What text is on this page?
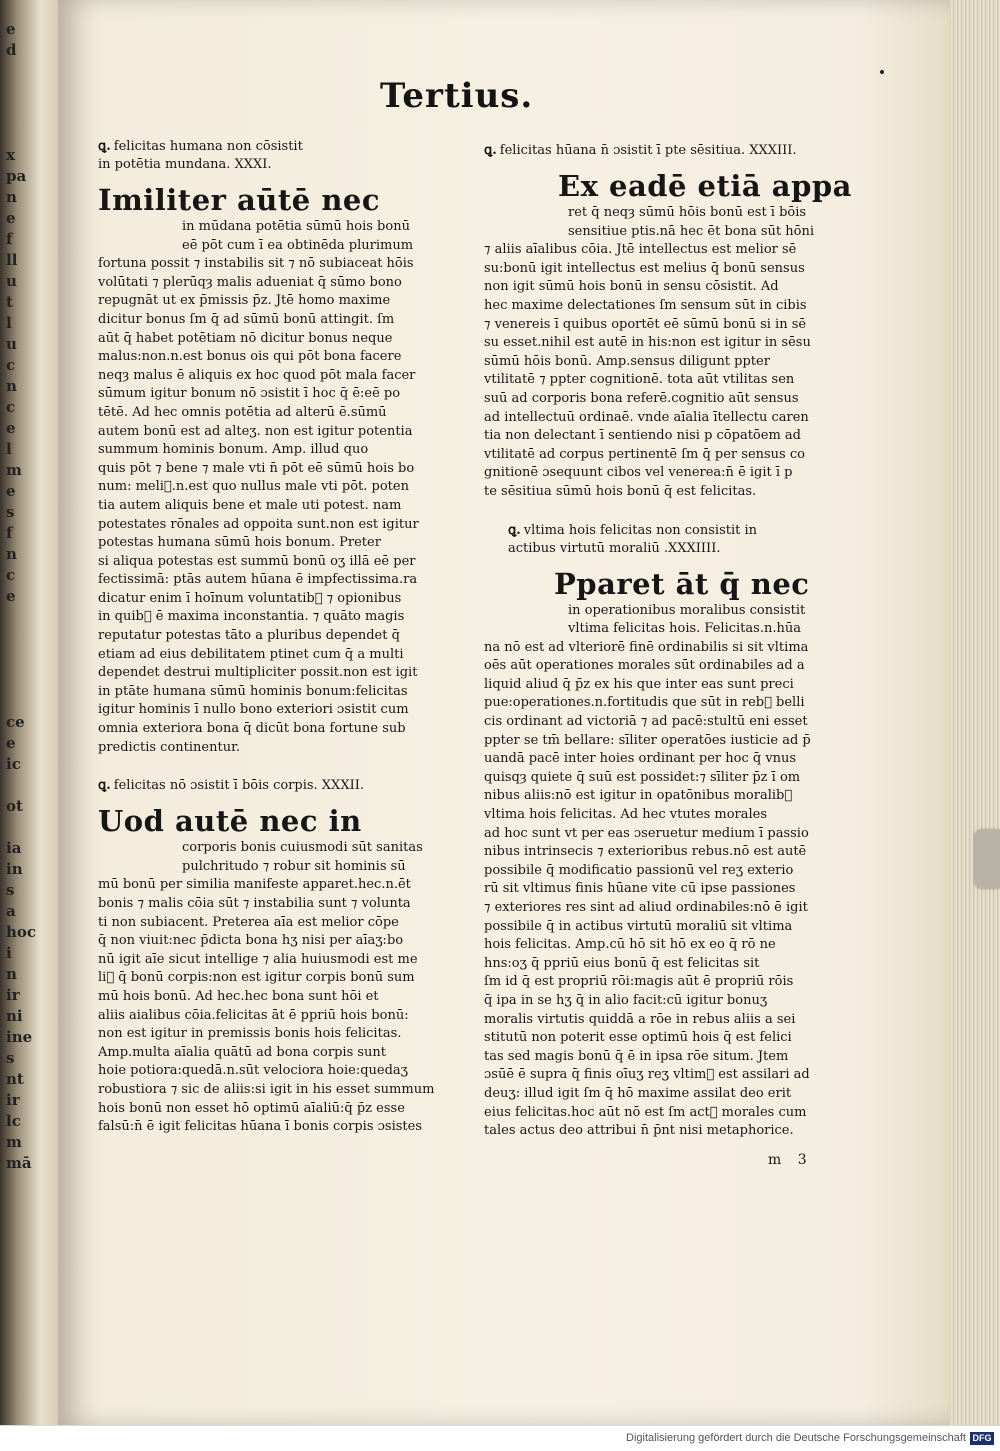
e
d
x
pa
n
e
f
ll
u
t
l
u
c
n
c
e
l
m
e
s
f
n
c
e
ce
e
ic
ot
ia
in
s
a
hoc
i
n
ir
ni
ine
s
nt
ir
lc
m
mā
Tertius.
ꝗ. felicitas humana non cōsistit
in potētia mundana. XXXI.
Imiliter aūtē nec
in mūdana potētia sūmū hois bonū
eē pōt cum ī ea obtinēda plurimum
fortuna possit ⁊ instabilis sit ⁊ nō subiaceat hōis
volūtati ⁊ plerūqȝ malis adueniat q̄ sūmo bono
repugnāt ut ex p̄missis p̄z. Jtē homo maxime
dicitur bonus ſm q̄ ad sūmū bonū attingit. ſm
aūt q̄ habet potētiam nō dicitur bonus neque
malus:non.n.est bonus ois qui pōt bona facere
neqȝ malus ē aliquis ex hoc quod pōt mala facer
sūmum igitur bonum nō ɔsistit ī hoc q̄ ē:eē po
tētē. Ad hec omnis potētia ad alterū ē.sūmū
autem bonū est ad alteʒ. non est igitur potentia
summum hominis bonum. Amp. illud quo
quis pōt ⁊ bene ⁊ male vti n̄ pōt eē sūmū hois bo
num: meli᷑.n.est quo nullus male vti pōt. poten
tia autem aliquis bene et male uti potest. nam
potestates rōnales ad oppoita sunt.non est igitur
potestas humana sūmū hois bonum. Preter
si aliqua potestas est summū bonū oʒ illā eē per
fectissimā: ptās autem hūana ē impfectissima.ra
dicatur enim ī hoīnum voluntatib᷑ ⁊ opionibus
in quib᷑ ē maxima inconstantia. ⁊ quāto magis
reputatur potestas tāto a pluribus dependet q̄
etiam ad eius debilitatem ptinet cum q̄ a multi
dependet destrui multipliciter possit.non est igit
in ptāte humana sūmū hominis bonum:felicitas
igitur hominis ī nullo bono exteriori ɔsistit cum
omnia exteriora bona q̄ dicūt bona fortune sub
predictis continentur.
ꝗ. felicitas nō ɔsistit ī bōis corpis. XXXII.
Uod autē nec in
corporis bonis cuiusmodi sūt sanitas
pulchritudo ⁊ robur sit hominis sū
mū bonū per similia manifeste apparet.hec.n.ēt
bonis ⁊ malis cōia sūt ⁊ instabilia sunt ⁊ volunta
ti non subiacent. Preterea aīa est melior cōpe
q̄ non viuit:nec p̄dicta bona h̄ʒ nisi per aīaʒ:bo
nū igit aīe sicut intellige ⁊ alia huiusmodi est me
li᷑ q̄ bonū corpis:non est igitur corpis bonū sum
mū hois bonū. Ad hec.hec bona sunt hōi et
aliis aialibus cōia.felicitas āt ē ppriū hois bonū:
non est igitur in premissis bonis hois felicitas.
Amp.multa aīalia quātū ad bona corpis sunt
hoie potiora:quedā.n.sūt velociora hoie:quedaʒ
robustiora ⁊ sic de aliis:si igit in his esset summum
hois bonū non esset hō optimū aīaliū:q̄ p̄z esse
falsū:n̄ ē igit felicitas hūana ī bonis corpis ɔsistes
ꝗ. felicitas hūana n̄ ɔsistit ī pte sēsitiua. XXXIII.
Ex eadē etiā appa
ret q̄ neqȝ sūmū hōis bonū est ī bōis
sensitiue ptis.nā hec ēt bona sūt hōni
⁊ aliis aīalibus cōia. Jtē intellectus est melior sē
su:bonū igit intellectus est melius q̄ bonū sensus
non igit sūmū hois bonū in sensu cōsistit. Ad
hec maxime delectationes ſm sensum sūt in cibis
⁊ venereis ī quibus oportēt eē sūmū bonū si in sē
su esset.nihil est autē in his:non est igitur in sēsu
sūmū hōis bonū. Amp.sensus diligunt ppter
vtilitatē ⁊ ppter cognitionē. tota aūt vtilitas sen
suū ad corporis bona referē.cognitio aūt sensus
ad intellectuū ordinaē. vnde aīalia ītellectu caren
tia non delectant ī sentiendo nisi p cōpatōem ad
vtilitatē ad corpus pertinentē ſm q̄ per sensus co
gnitionē ɔsequunt cibos vel venerea:n̄ ē igit ī p
te sēsitiua sūmū hois bonū q̄ est felicitas.
ꝗ. vltima hois felicitas non consistit in
actibus virtutū moraliū .XXXIIII.
Pparet āt q̄ nec
in operationibus moralibus consistit
vltima felicitas hois. Felicitas.n.hūa
na nō est ad vlteriorē finē ordinabilis si sit vltima
oēs aūt operationes morales sūt ordinabiles ad a
liquid aliud q̄ p̄z ex his que inter eas sunt preci
pue:operationes.n.fortitudis que sūt in reb᷑ belli
cis ordinant ad victoriā ⁊ ad pacē:stultū eni esset
ppter se tm̄ bellare: sīliter operatōes iusticie ad p̄
uandā pacē inter hoies ordinant per hoc q̄ vnus
quisqȝ quiete q̄ suū est possidet:⁊ sīliter p̄z ī om
nibus aliis:nō est igitur in opatōnibus moralib᷑
vltima hois felicitas. Ad hec vtutes morales
ad hoc sunt vt per eas ɔseruetur medium ī passio
nibus intrinsecis ⁊ exterioribus rebus.nō est autē
possibile q̄ modificatio passionū vel reʒ exterio
rū sit vltimus finis hūane vite cū ipse passiones
⁊ exteriores res sint ad aliud ordinabiles:nō ē igit
possibile q̄ in actibus virtutū moraliū sit vltima
hois felicitas. Amp.cū hō sit hō ex eo q̄ rō ne
h̄ns:oʒ q̄ ppriū eius bonū q̄ est felicitas sit
ſm id q̄ est propriū rōi:magis aūt ē propriū rōis
q̄ ipa in se h̄ʒ q̄ in alio facit:cū igitur bonuʒ
moralis virtutis quiddā a rōe in rebus aliis a sei
stitutū non poterit esse optimū hois q̄ est felici
tas sed magis bonū q̄ ē in ipsa rōe situm. Jtem
ɔsūē ē supra q̄ finis oīuʒ reʒ vltim᷑ est assilari ad
deuʒ: illud igit ſm q̄ hō maxime assilat deo erit
eius felicitas.hoc aūt nō est ſm act᷑ morales cum
tales actus deo attribui n̄ p̄nt nisi metaphorice.
m 3
Digitalisierung gefördert durch die Deutsche Forschungsgemeinschaft DFG
